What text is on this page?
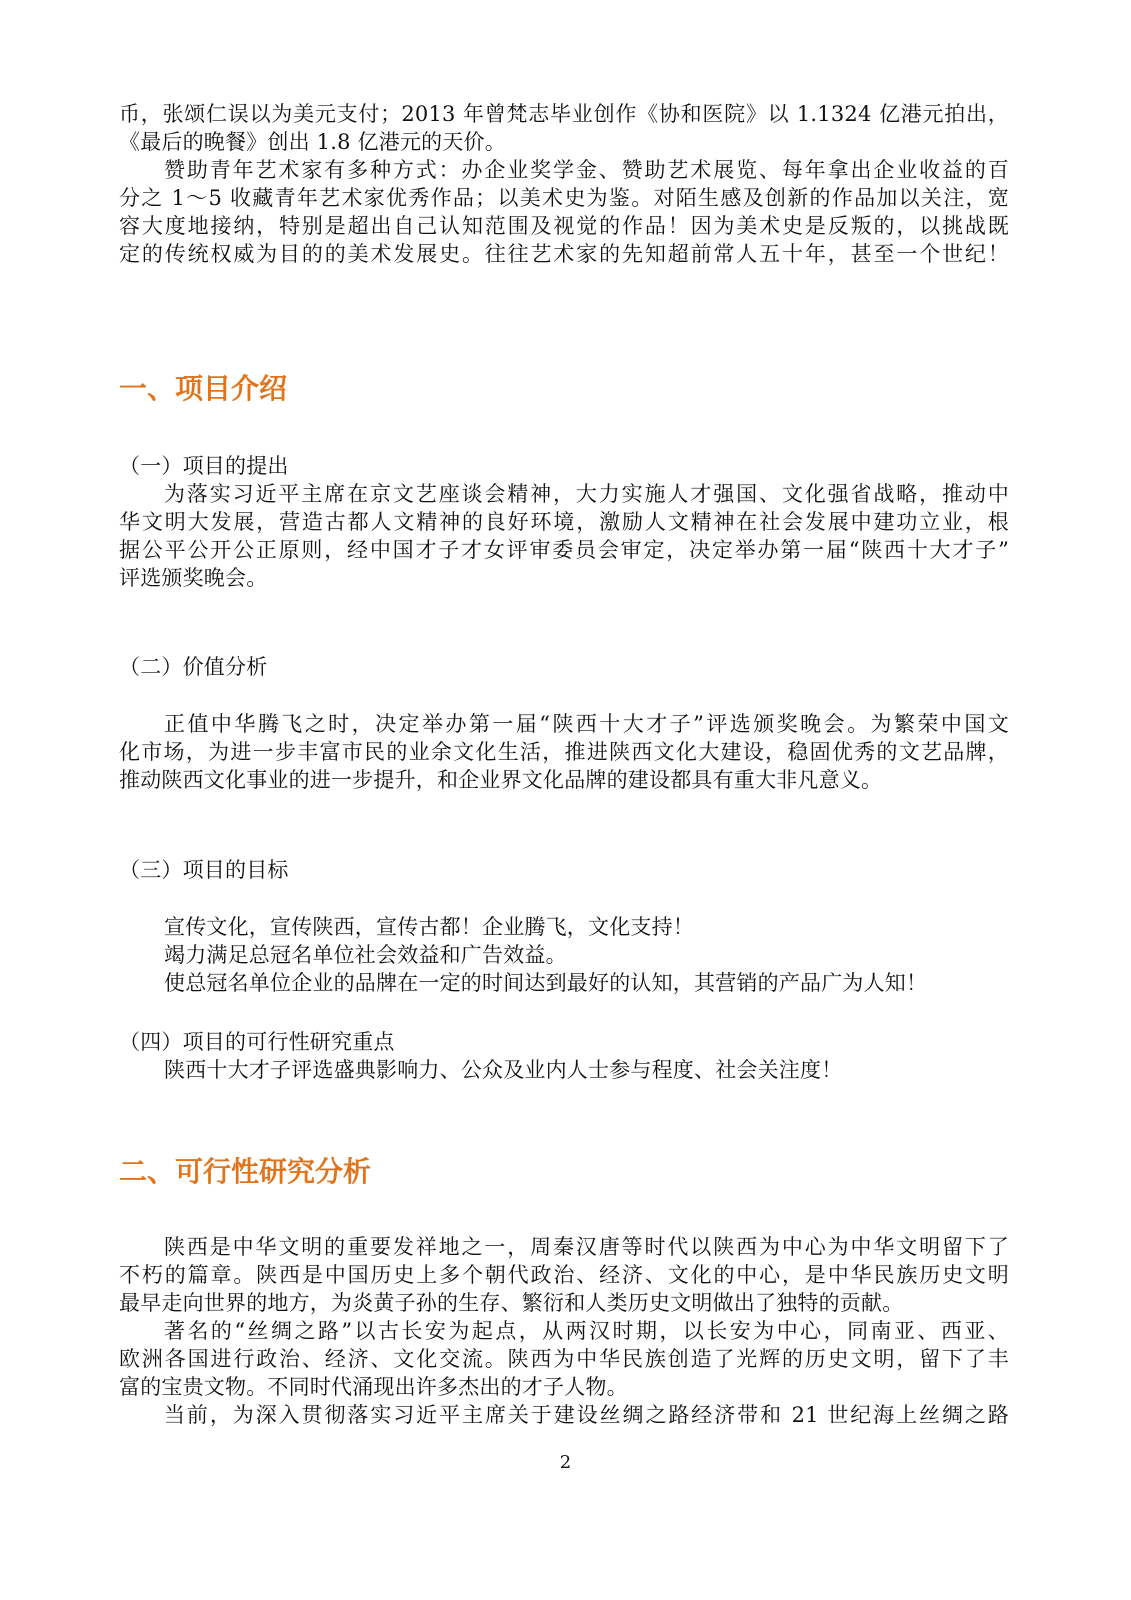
币，张颂仁误以为美元支付；2013 年曾梵志毕业创作《协和医院》以 1.1324 亿港元拍出，
《最后的晚餐》创出 1.8 亿港元的天价。
赞助青年艺术家有多种方式：办企业奖学金、赞助艺术展览、每年拿出企业收益的百
分之 1～5 收藏青年艺术家优秀作品；以美术史为鉴。对陌生感及创新的作品加以关注，宽
容大度地接纳，特别是超出自己认知范围及视觉的作品！因为美术史是反叛的，以挑战既
定的传统权威为目的的美术发展史。往往艺术家的先知超前常人五十年，甚至一个世纪！
一、项目介绍
（一）项目的提出
为落实习近平主席在京文艺座谈会精神，大力实施人才强国、文化强省战略，推动中
华文明大发展，营造古都人文精神的良好环境，激励人文精神在社会发展中建功立业，根
据公平公开公正原则，经中国才子才女评审委员会审定，决定举办第一届“陕西十大才子”
评选颁奖晚会。
（二）价值分析
正值中华腾飞之时，决定举办第一届“陕西十大才子”评选颁奖晚会。为繁荣中国文
化市场，为进一步丰富市民的业余文化生活，推进陕西文化大建设，稳固优秀的文艺品牌，
推动陕西文化事业的进一步提升，和企业界文化品牌的建设都具有重大非凡意义。
（三）项目的目标
宣传文化，宣传陕西，宣传古都！企业腾飞，文化支持！
竭力满足总冠名单位社会效益和广告效益。
使总冠名单位企业的品牌在一定的时间达到最好的认知，其营销的产品广为人知！
（四）项目的可行性研究重点
陕西十大才子评选盛典影响力、公众及业内人士参与程度、社会关注度！
二、可行性研究分析
陕西是中华文明的重要发祥地之一，周秦汉唐等时代以陕西为中心为中华文明留下了
不朽的篇章。陕西是中国历史上多个朝代政治、经济、文化的中心，是中华民族历史文明
最早走向世界的地方，为炎黄子孙的生存、繁衍和人类历史文明做出了独特的贡献。
著名的“丝绸之路”以古长安为起点，从两汉时期，以长安为中心，同南亚、西亚、
欧洲各国进行政治、经济、文化交流。陕西为中华民族创造了光辉的历史文明，留下了丰
富的宝贵文物。不同时代涌现出许多杰出的才子人物。
当前，为深入贯彻落实习近平主席关于建设丝绸之路经济带和 21 世纪海上丝绸之路
2
